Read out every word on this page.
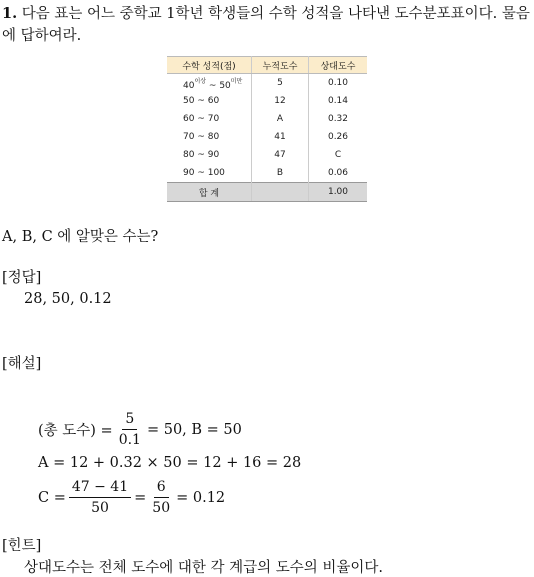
1. 다음 표는 어느 중학교 1학년 학생들의 수학 성적을 나타낸 도수분포표이다. 물음에 답하여라.
수학 성적(점)	누적도수	상대도수
$40^{이상}$ ~ $50^{미만}$	5	0.10
50 ~ 60	12	0.14
60 ~ 70	A	0.32
70 ~ 80	41	0.26
80 ~ 90	47	C
90 ~ 100	B	0.06
합 계		1.00
A, B, C 에 알맞은 수는?
[정답]
28, 50, 0.12
[해설]
(총 도수) = $\frac{5}{0.1} = 50$, B = 50
A = 12 + 0.32 × 50 = 12 + 16 = 28
$C = \frac{47 - 41}{50} = \frac{6}{50} = 0.12$
[힌트]
상대도수는 전체 도수에 대한 각 계급의 도수의 비율이다.
